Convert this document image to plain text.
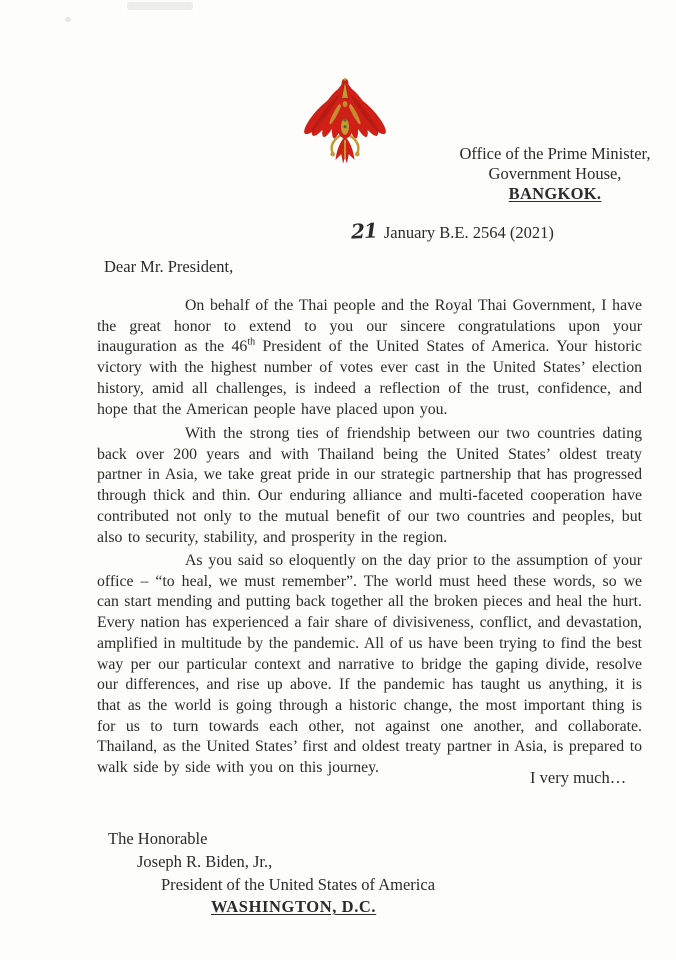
Office of the Prime Minister,
Government House,
BANGKOK.
21 January B.E. 2564 (2021)
Dear Mr. President,

On behalf of the Thai people and the Royal Thai Government, I have the great honor to extend to you our sincere congratulations upon your inauguration as the 46th President of the United States of America. Your historic victory with the highest number of votes ever cast in the United States’ election history, amid all challenges, is indeed a reflection of the trust, confidence, and hope that the American people have placed upon you.

With the strong ties of friendship between our two countries dating back over 200 years and with Thailand being the United States’ oldest treaty partner in Asia, we take great pride in our strategic partnership that has progressed through thick and thin. Our enduring alliance and multi-faceted cooperation have contributed not only to the mutual benefit of our two countries and peoples, but also to security, stability, and prosperity in the region.

As you said so eloquently on the day prior to the assumption of your office – “to heal, we must remember”. The world must heed these words, so we can start mending and putting back together all the broken pieces and heal the hurt. Every nation has experienced a fair share of divisiveness, conflict, and devastation, amplified in multitude by the pandemic. All of us have been trying to find the best way per our particular context and narrative to bridge the gaping divide, resolve our differences, and rise up above. If the pandemic has taught us anything, it is that as the world is going through a historic change, the most important thing is for us to turn towards each other, not against one another, and collaborate. Thailand, as the United States’ first and oldest treaty partner in Asia, is prepared to walk side by side with you on this journey.

I very much…
The Honorable
Joseph R. Biden, Jr.,
President of the United States of America
WASHINGTON, D.C.
